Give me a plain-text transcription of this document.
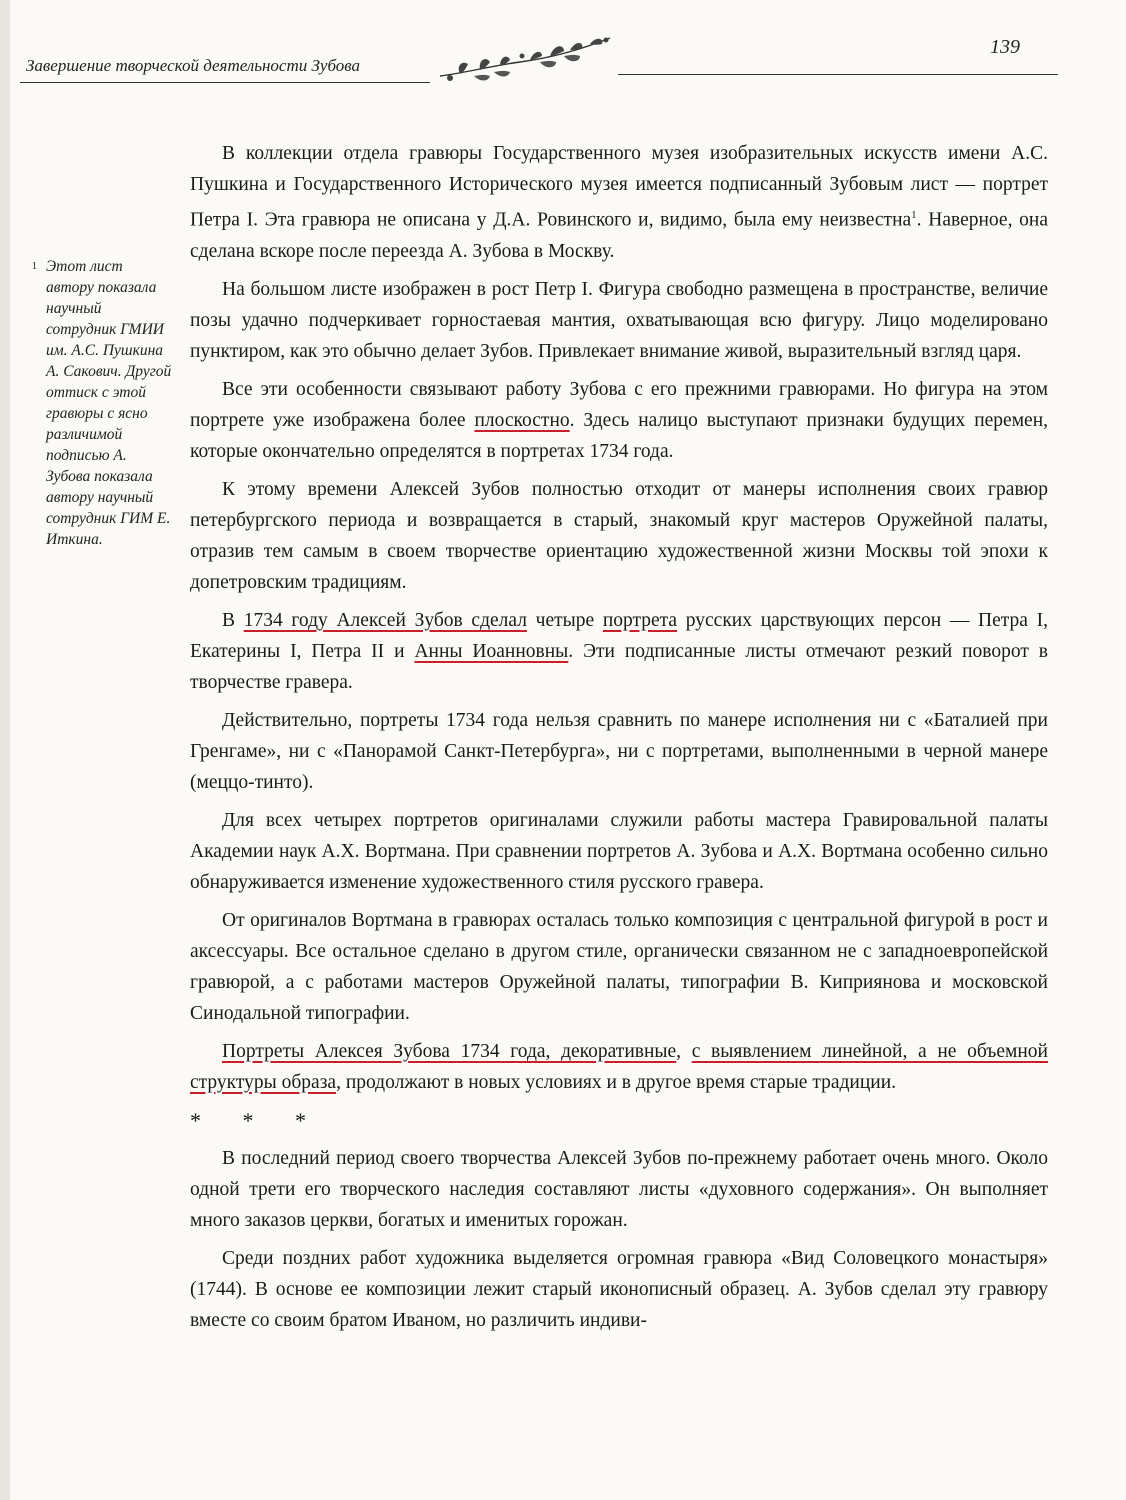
Завершение творческой деятельности Зубова
139
1 Этот лист автору показала научный сотрудник ГМИИ им. А.С. Пушкина А. Сакович. Другой оттиск с этой гравюры с ясно различимой подписью А. Зубова показала автору научный сотрудник ГИМ Е. Иткина.

В коллекции отдела гравюры Государственного музея изобразительных искусств имени А.С. Пушкина и Государственного Исторического музея имеется подписанный Зубовым лист — портрет Петра I. Эта гравюра не описана у Д.А. Ровинского и, видимо, была ему неизвестна$^1$. Наверное, она сделана вскоре после переезда А. Зубова в Москву.

На большом листе изображен в рост Петр I. Фигура свободно размещена в пространстве, величие позы удачно подчеркивает горностаевая мантия, охватывающая всю фигуру. Лицо моделировано пунктиром, как это обычно делает Зубов. Привлекает внимание живой, выразительный взгляд царя.

Все эти особенности связывают работу Зубова с его прежними гравюрами. Но фигура на этом портрете уже изображена более плоскостно. Здесь налицо выступают признаки будущих перемен, которые окончательно определятся в портретах 1734 года.

К этому времени Алексей Зубов полностью отходит от манеры исполнения своих гравюр петербургского периода и возвращается в старый, знакомый круг мастеров Оружейной палаты, отразив тем самым в своем творчестве ориентацию художественной жизни Москвы той эпохи к допетровским традициям.

В 1734 году Алексей Зубов сделал четыре портрета русских царствующих персон — Петра I, Екатерины I, Петра II и Анны Иоанновны. Эти подписанные листы отмечают резкий поворот в творчестве гравера.

Действительно, портреты 1734 года нельзя сравнить по манере исполнения ни с «Баталией при Гренгаме», ни с «Панорамой Санкт-Петербурга», ни с портретами, выполненными в черной манере (меццо-тинто).

Для всех четырех портретов оригиналами служили работы мастера Гравировальной палаты Академии наук А.Х. Вортмана. При сравнении портретов А. Зубова и А.Х. Вортмана особенно сильно обнаруживается изменение художественного стиля русского гравера.

От оригиналов Вортмана в гравюрах осталась только композиция с центральной фигурой в рост и аксессуары. Все остальное сделано в другом стиле, органически связанном не с западноевропейской гравюрой, а с работами мастеров Оружейной палаты, типографии В. Киприянова и московской Синодальной типографии.

Портреты Алексея Зубова 1734 года, декоративные, с выявлением линейной, а не объемной структуры образа, продолжают в новых условиях и в другое время старые традиции.

* * *

В последний период своего творчества Алексей Зубов по-прежнему работает очень много. Около одной трети его творческого наследия составляют листы «духовного содержания». Он выполняет много заказов церкви, богатых и именитых горожан.

Среди поздних работ художника выделяется огромная гравюра «Вид Соловецкого монастыря» (1744). В основе ее композиции лежит старый иконописный образец. А. Зубов сделал эту гравюру вместе со своим братом Иваном, но различить индиви-
